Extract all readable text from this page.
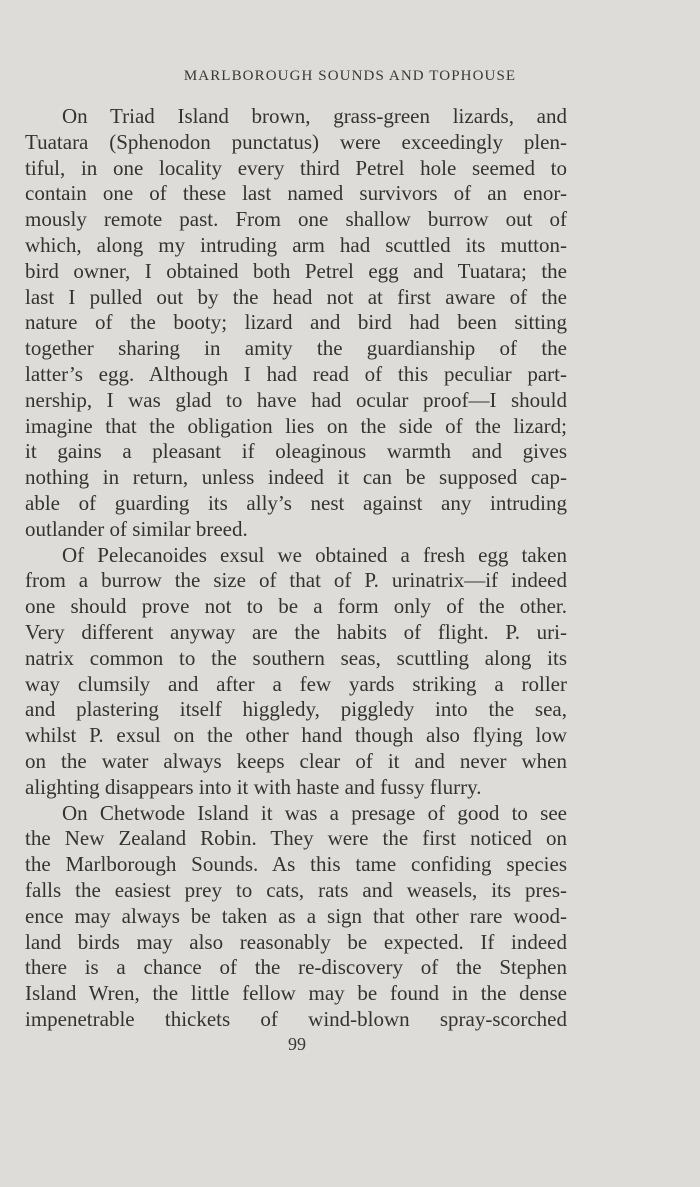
MARLBOROUGH SOUNDS AND TOPHOUSE
On Triad Island brown, grass-green lizards, and
Tuatara (Sphenodon punctatus) were exceedingly plen-
tiful, in one locality every third Petrel hole seemed to
contain one of these last named survivors of an enor-
mously remote past. From one shallow burrow out of
which, along my intruding arm had scuttled its mutton-
bird owner, I obtained both Petrel egg and Tuatara; the
last I pulled out by the head not at first aware of the
nature of the booty; lizard and bird had been sitting
together sharing in amity the guardianship of the
latter’s egg. Although I had read of this peculiar part-
nership, I was glad to have had ocular proof—I should
imagine that the obligation lies on the side of the lizard;
it gains a pleasant if oleaginous warmth and gives
nothing in return, unless indeed it can be supposed cap-
able of guarding its ally’s nest against any intruding
outlander of similar breed.
Of Pelecanoides exsul we obtained a fresh egg taken
from a burrow the size of that of P. urinatrix—if indeed
one should prove not to be a form only of the other.
Very different anyway are the habits of flight. P. uri-
natrix common to the southern seas, scuttling along its
way clumsily and after a few yards striking a roller
and plastering itself higgledy, piggledy into the sea,
whilst P. exsul on the other hand though also flying low
on the water always keeps clear of it and never when
alighting disappears into it with haste and fussy flurry.
On Chetwode Island it was a presage of good to see
the New Zealand Robin. They were the first noticed on
the Marlborough Sounds. As this tame confiding species
falls the easiest prey to cats, rats and weasels, its pres-
ence may always be taken as a sign that other rare wood-
land birds may also reasonably be expected. If indeed
there is a chance of the re-discovery of the Stephen
Island Wren, the little fellow may be found in the dense
impenetrable thickets of wind-blown spray-scorched
99
